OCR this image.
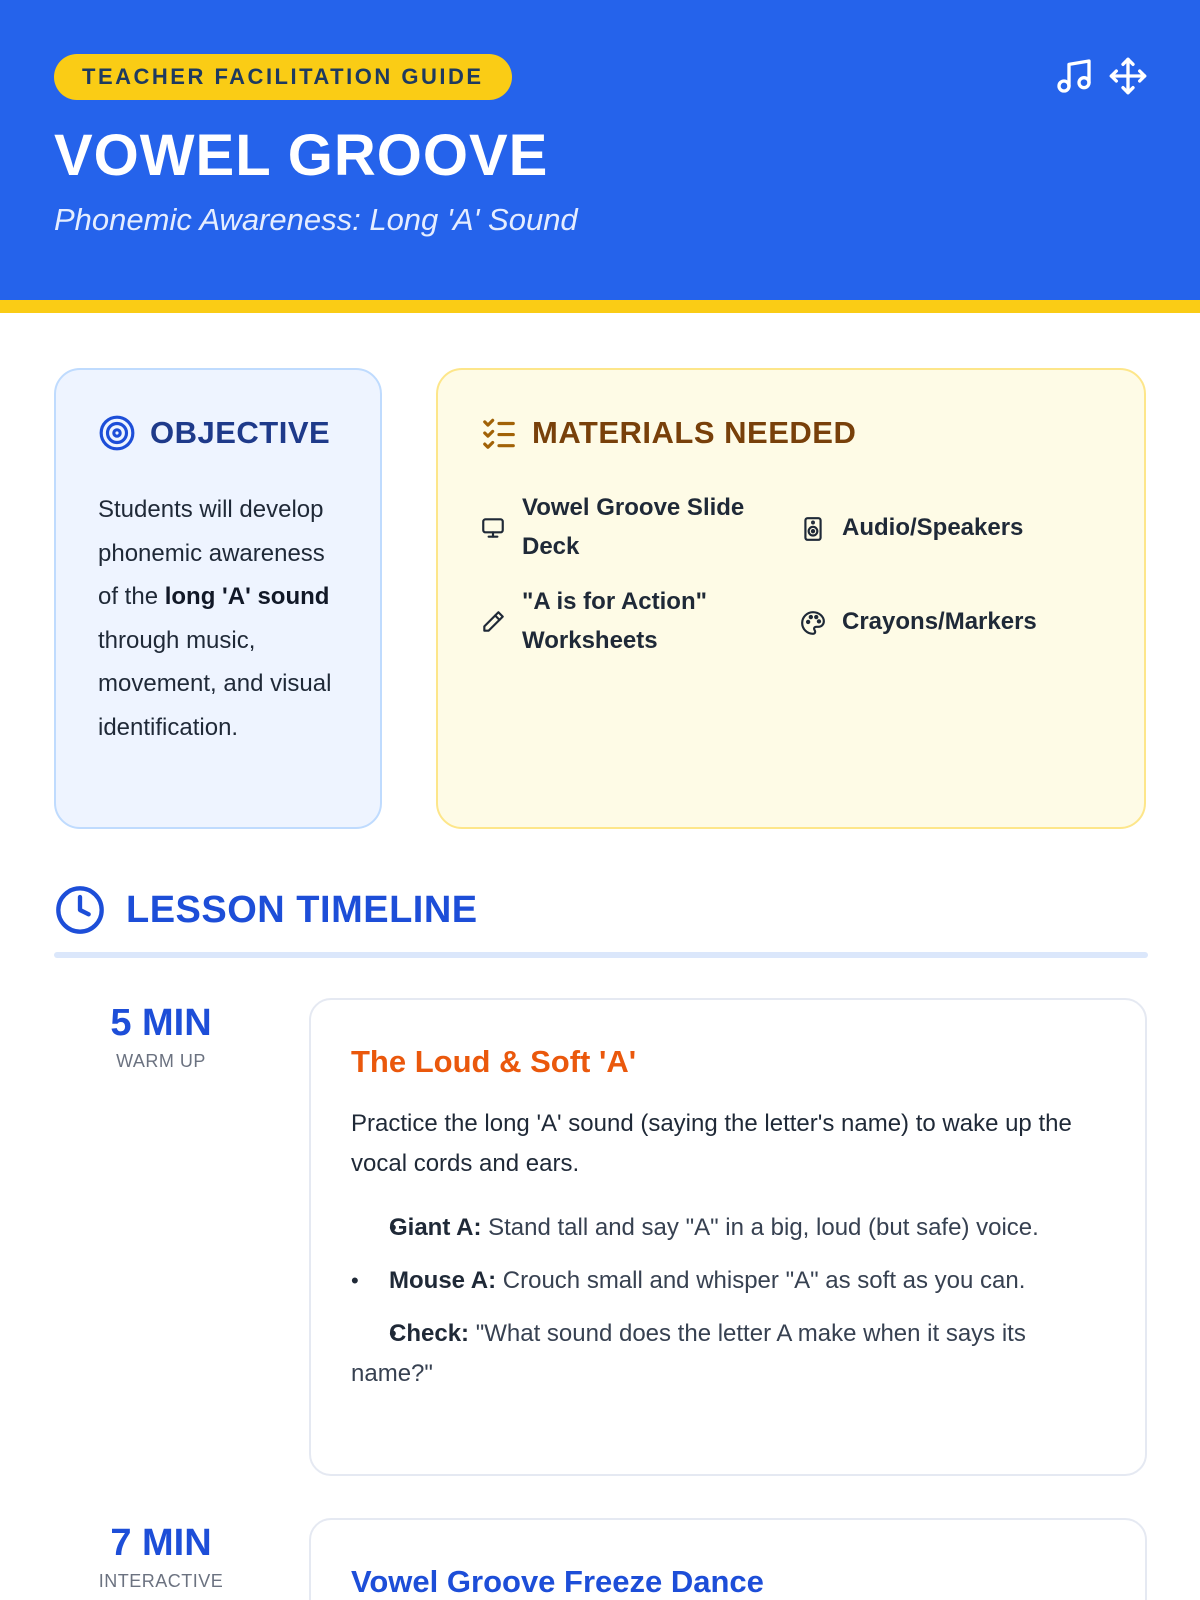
TEACHER FACILITATION GUIDE
VOWEL GROOVE
Phonemic Awareness: Long 'A' Sound
OBJECTIVE

Students will develop phonemic awareness of the long 'A' sound through music, movement, and visual identification.

MATERIALS NEEDED
Vowel Groove Slide Deck
Audio/Speakers
"A is for Action" Worksheets
Crayons/Markers
LESSON TIMELINE
5 MIN
WARM UP	The Loud & Soft 'A'

Practice the long 'A' sound (saying the letter's name) to wake up the vocal cords and ears.

• Giant A: Stand tall and say "A" in a big, loud (but safe) voice.
• Mouse A: Crouch small and whisper "A" as soft as you can.
• Check: "What sound does the letter A make when it says its name?"
7 MIN
INTERACTIVE	Vowel Groove Freeze Dance
